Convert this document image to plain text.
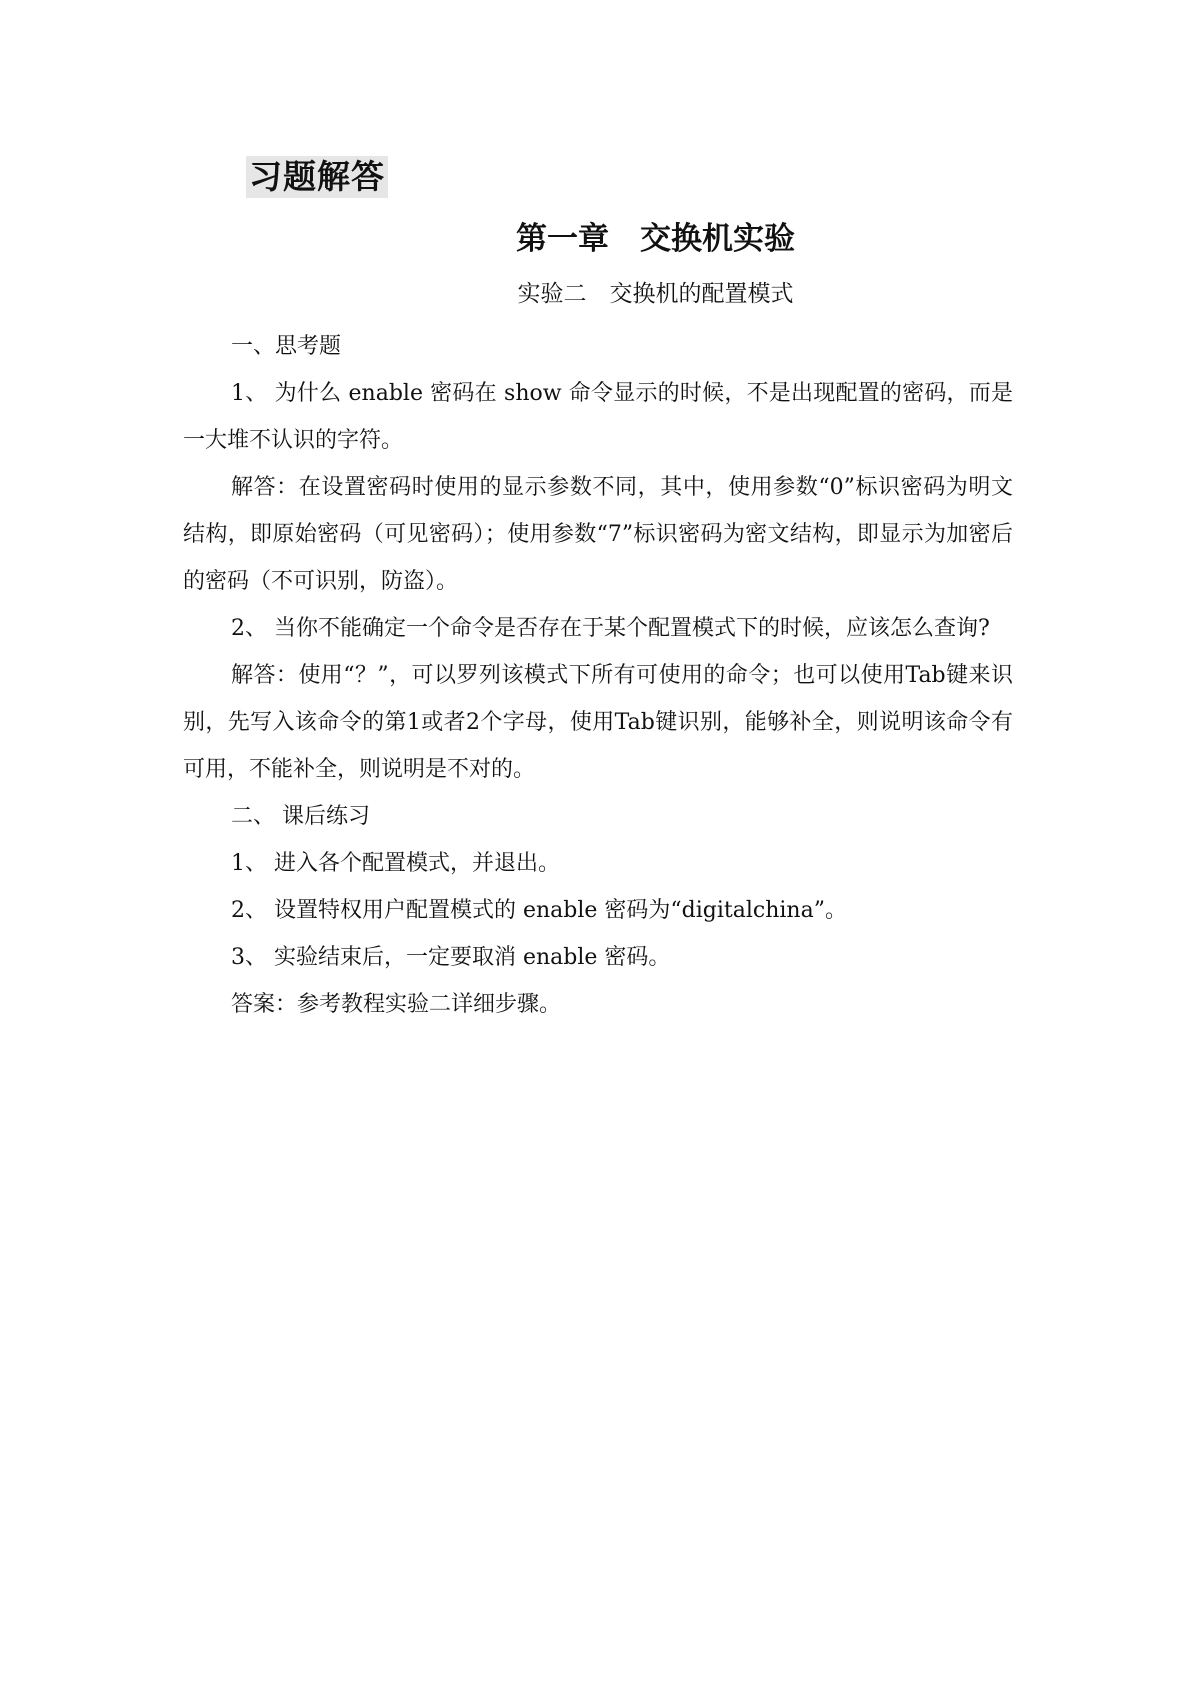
习题解答
第一章　交换机实验
实验二　交换机的配置模式

一、思考题

1、 为什么 enable 密码在 show 命令显示的时候，不是出现配置的密码，而是一大堆不认识的字符。

解答：在设置密码时使用的显示参数不同，其中，使用参数“0”标识密码为明文结构，即原始密码（可见密码）；使用参数“7”标识密码为密文结构，即显示为加密后的密码（不可识别，防盗）。

2、 当你不能确定一个命令是否存在于某个配置模式下的时候，应该怎么查询?

解答：使用“？”，可以罗列该模式下所有可使用的命令；也可以使用Tab键来识别，先写入该命令的第1或者2个字母，使用Tab键识别，能够补全，则说明该命令有可用，不能补全，则说明是不对的。

二、 课后练习

1、 进入各个配置模式，并退出。

2、 设置特权用户配置模式的 enable 密码为“digitalchina”。

3、 实验结束后，一定要取消 enable 密码。

答案：参考教程实验二详细步骤。
